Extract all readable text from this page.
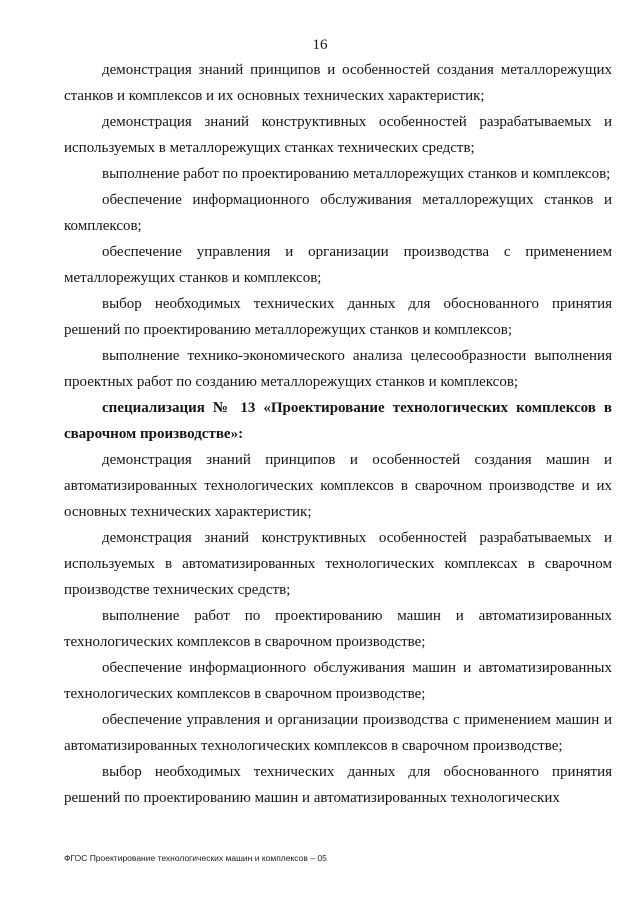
16

демонстрация знаний принципов и особенностей создания металлорежущих станков и комплексов и их основных технических характеристик;

демонстрация знаний конструктивных особенностей разрабатываемых и используемых в металлорежущих станках технических средств;

выполнение работ по проектированию металлорежущих станков и комплексов;

обеспечение информационного обслуживания металлорежущих станков и комплексов;

обеспечение управления и организации производства с применением металлорежущих станков и комплексов;

выбор необходимых технических данных для обоснованного принятия решений по проектированию металлорежущих станков и комплексов;

выполнение технико-экономического анализа целесообразности выполнения проектных работ по созданию металлорежущих станков и комплексов;

специализация № 13 «Проектирование технологических комплексов в сварочном производстве»:

демонстрация знаний принципов и особенностей создания машин и автоматизированных технологических комплексов в сварочном производстве и их основных технических характеристик;

демонстрация знаний конструктивных особенностей разрабатываемых и используемых в автоматизированных технологических комплексах в сварочном производстве технических средств;

выполнение работ по проектированию машин и автоматизированных технологических комплексов в сварочном производстве;

обеспечение информационного обслуживания машин и автоматизированных технологических комплексов в сварочном производстве;

обеспечение управления и организации производства с применением машин и автоматизированных технологических комплексов в сварочном производстве;

выбор необходимых технических данных для обоснованного принятия решений по проектированию машин и автоматизированных технологических

ФГОС Проектирование технологических машин и комплексов – 05
